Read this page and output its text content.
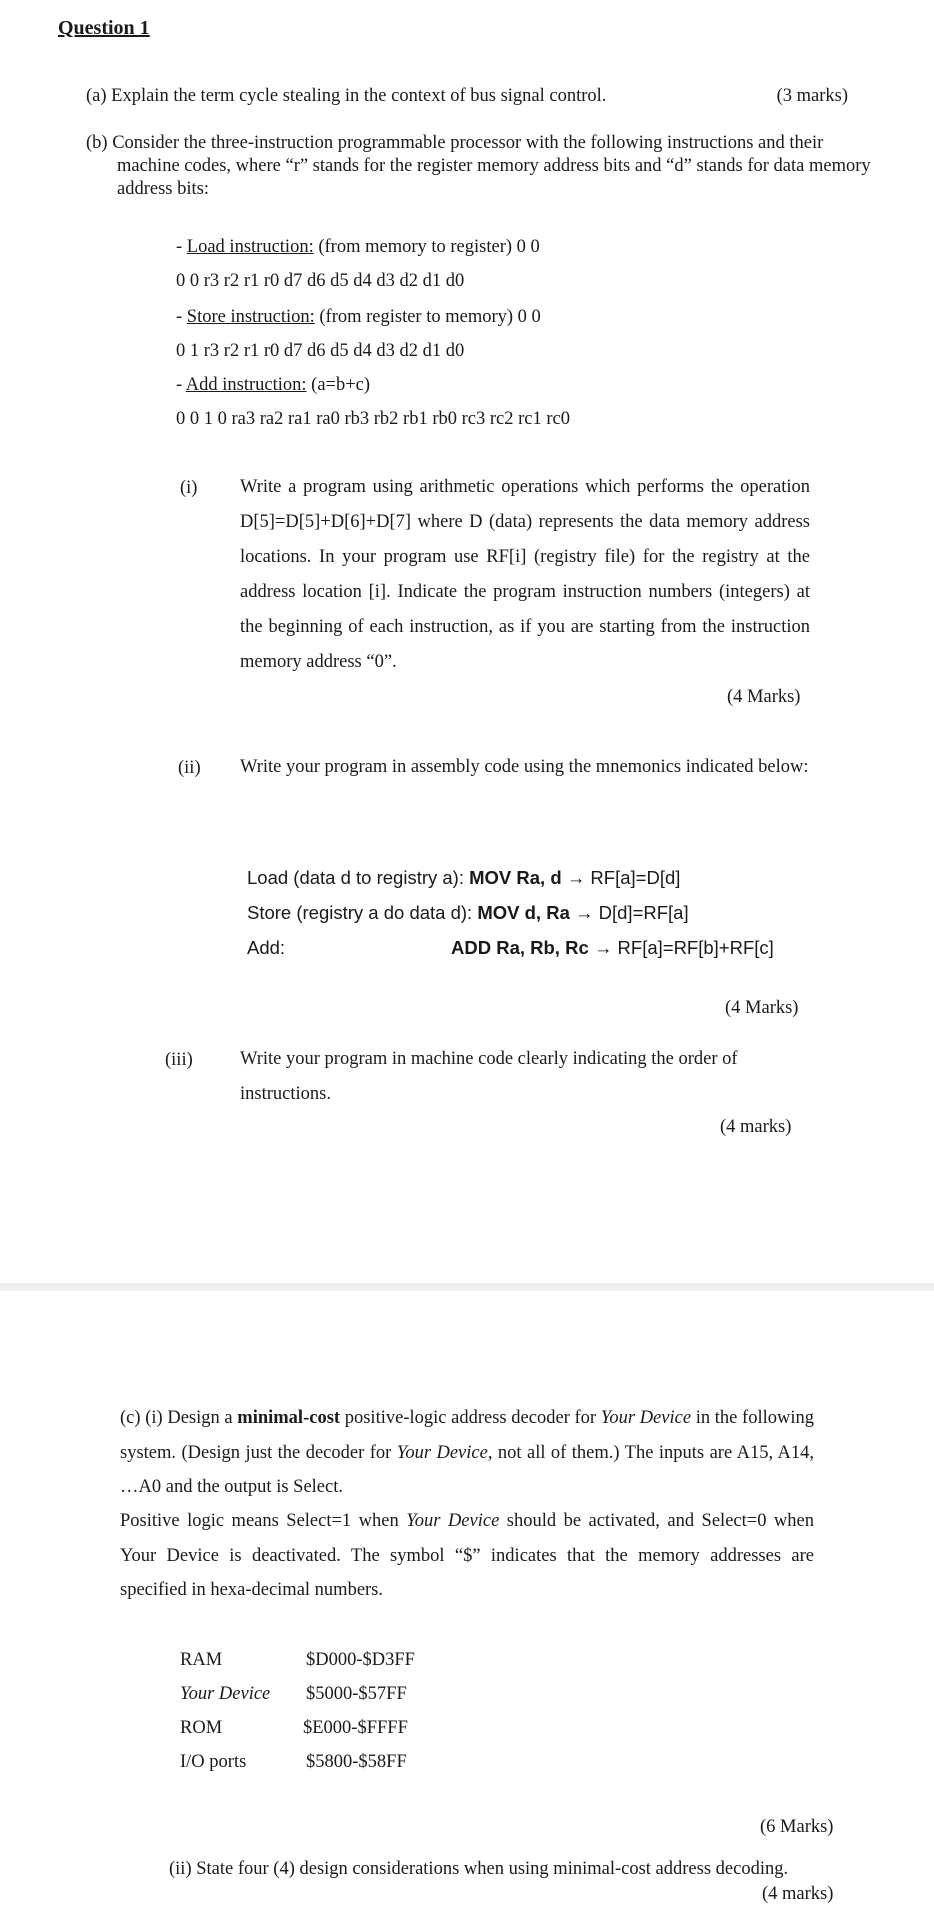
Question 1
(a) Explain the term cycle stealing in the context of bus signal control.	(3 marks)
(b) Consider the three-instruction programmable processor with the following instructions and their machine codes, where “r” stands for the register memory address bits and “d” stands for data memory address bits:
- Load instruction: (from memory to register) 0 0
0 0 r3 r2 r1 r0 d7 d6 d5 d4 d3 d2 d1 d0
- Store instruction: (from register to memory) 0 0
0 1 r3 r2 r1 r0 d7 d6 d5 d4 d3 d2 d1 d0
- Add instruction: (a=b+c)
0 0 1 0 ra3 ra2 ra1 ra0 rb3 rb2 rb1 rb0 rc3 rc2 rc1 rc0
(i) Write a program using arithmetic operations which performs the operation D[5]=D[5]+D[6]+D[7] where D (data) represents the data memory address locations. In your program use RF[i] (registry file) for the registry at the address location [i]. Indicate the program instruction numbers (integers) at the beginning of each instruction, as if you are starting from the instruction memory address “0”.
(4 Marks)
(ii) Write your program in assembly code using the mnemonics indicated below:
Load (data d to registry a): MOV Ra, d → RF[a]=D[d]
Store (registry a do data d): MOV d, Ra → D[d]=RF[a]
Add:	ADD Ra, Rb, Rc → RF[a]=RF[b]+RF[c]
(4 Marks)
(iii)	Write your program in machine code clearly indicating the order of instructions.
(4 marks)
(c) (i) Design a minimal-cost positive-logic address decoder for Your Device in the following system. (Design just the decoder for Your Device, not all of them.) The inputs are A15, A14, …A0 and the output is Select.
Positive logic means Select=1 when Your Device should be activated, and Select=0 when Your Device is deactivated. The symbol “$” indicates that the memory addresses are specified in hexa-decimal numbers.
RAM	$D000-$D3FF
Your Device $5000-$57FF
ROM	$E000-$FFFF
I/O ports	$5800-$58FF
(6 Marks)
(ii) State four (4) design considerations when using minimal-cost address decoding.
(4 marks)
